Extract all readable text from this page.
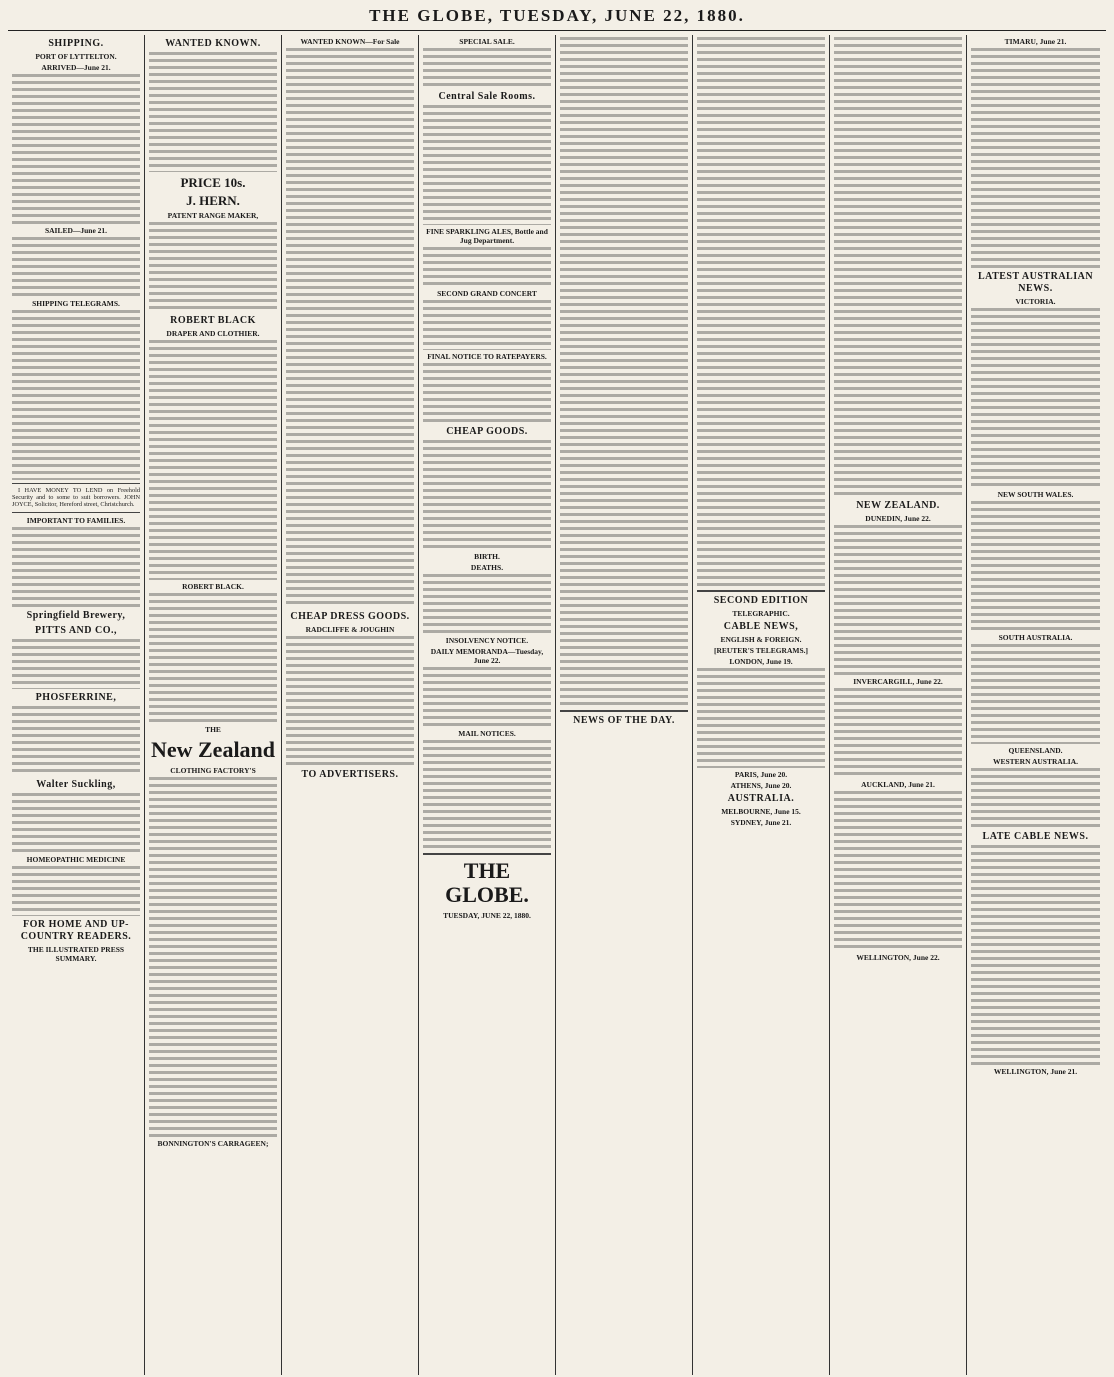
THE GLOBE, TUESDAY, JUNE 22, 1880.
SHIPPING.
PORT OF LYTTELTON.
ARRIVED—June 21.
SAILED—June 21.
SHIPPING TELEGRAMS.

I HAVE MONEY TO LEND on Freehold Security and to some to suit borrowers. JOHN JOYCE, Solicitor, Hereford street, Christchurch.

IMPORTANT TO FAMILIES.
Springfield Brewery,
PITTS AND CO.,
PHOSFERRINE,
Walter Suckling,
HOMEOPATHIC MEDICINE
FOR HOME AND UP-COUNTRY READERS.
THE ILLUSTRATED PRESS SUMMARY.
WANTED KNOWN.
PRICE 10s.
J. HERN.
PATENT RANGE MAKER,
ROBERT BLACK
DRAPER AND CLOTHIER.
ROBERT BLACK.
THE
New Zealand
CLOTHING FACTORY'S
BONNINGTON'S CARRAGEEN;
WANTED KNOWN—For Sale
CHEAP DRESS GOODS.
RADCLIFFE & JOUGHIN
TO ADVERTISERS.
SPECIAL SALE.
Central Sale Rooms.
FINE SPARKLING ALES, Bottle and Jug Department.
SECOND GRAND CONCERT
FINAL NOTICE TO RATEPAYERS.
CHEAP GOODS.
BIRTH.
DEATHS.
INSOLVENCY NOTICE.
DAILY MEMORANDA—Tuesday, June 22.
MAIL NOTICES.
THE GLOBE.
TUESDAY, JUNE 22, 1880.
NEWS OF THE DAY.
SECOND EDITION
TELEGRAPHIC.
CABLE NEWS,
ENGLISH & FOREIGN.
[REUTER'S TELEGRAMS.]
LONDON, June 19.
PARIS, June 20.
ATHENS, June 20.
AUSTRALIA.
MELBOURNE, June 15.
SYDNEY, June 21.
NEW ZEALAND.
DUNEDIN, June 22.
INVERCARGILL, June 22.
AUCKLAND, June 21.
WELLINGTON, June 22.
TIMARU, June 21.
LATEST AUSTRALIAN NEWS.
VICTORIA.
NEW SOUTH WALES.
SOUTH AUSTRALIA.
QUEENSLAND.
WESTERN AUSTRALIA.
LATE CABLE NEWS.
WELLINGTON, June 21.
